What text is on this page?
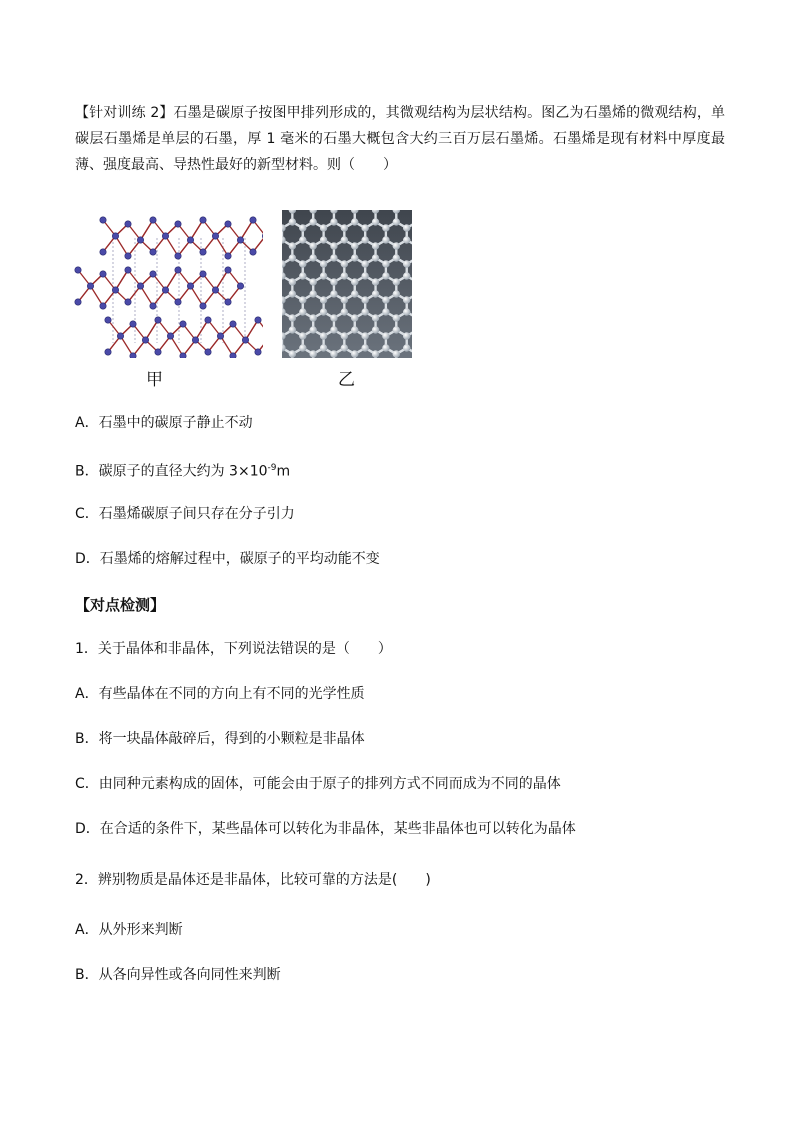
【针对训练 2】石墨是碳原子按图甲排列形成的，其微观结构为层状结构。图乙为石墨烯的微观结构，单碳层石墨烯是单层的石墨，厚 1 毫米的石墨大概包含大约三百万层石墨烯。石墨烯是现有材料中厚度最薄、强度最高、导热性最好的新型材料。则（　　）
甲	乙
A．石墨中的碳原子静止不动
B．碳原子的直径大约为 $3\times 10^{-9}m$
C．石墨烯碳原子间只存在分子引力
D．石墨烯的熔解过程中，碳原子的平均动能不变
【对点检测】
1．关于晶体和非晶体，下列说法错误的是（　　）
A．有些晶体在不同的方向上有不同的光学性质
B．将一块晶体敲碎后，得到的小颗粒是非晶体
C．由同种元素构成的固体，可能会由于原子的排列方式不同而成为不同的晶体
D．在合适的条件下，某些晶体可以转化为非晶体，某些非晶体也可以转化为晶体
2．辨别物质是晶体还是非晶体，比较可靠的方法是(　　)
A．从外形来判断
B．从各向异性或各向同性来判断
